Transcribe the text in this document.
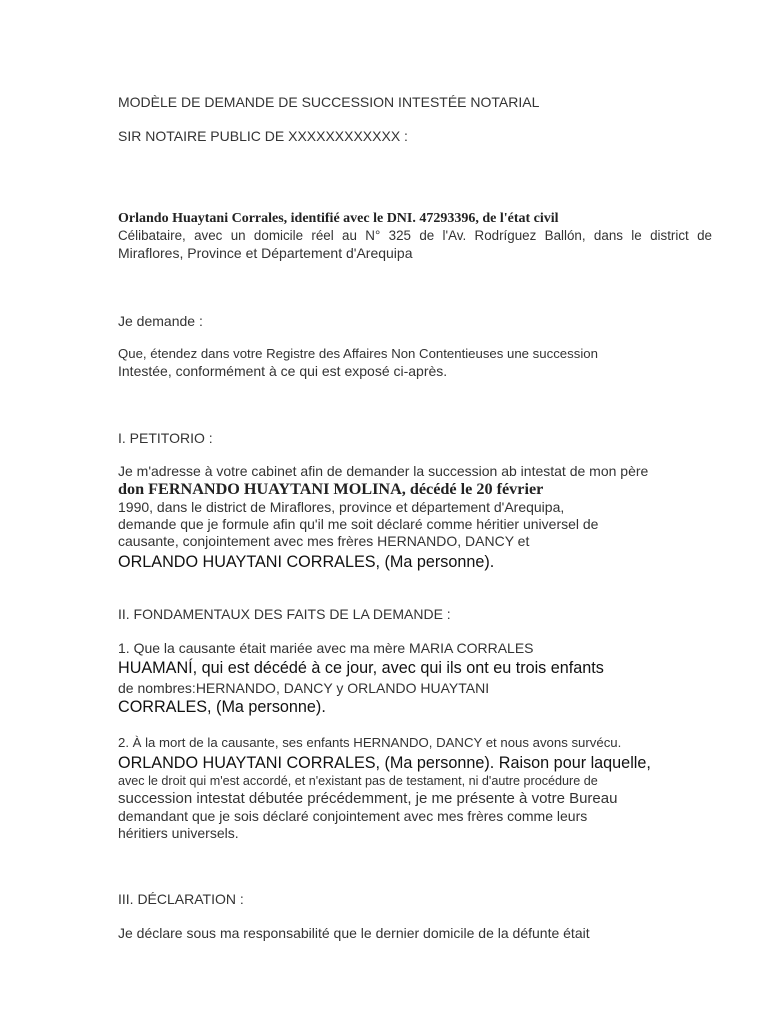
MODÈLE DE DEMANDE DE SUCCESSION INTESTÉE NOTARIAL
SIR NOTAIRE PUBLIC DE XXXXXXXXXXXX :
Orlando Huaytani Corrales, identifié avec le DNI. 47293396, de l'état civil
Célibataire, avec un domicile réel au N° 325 de l'Av. Rodríguez Ballón, dans le district de
Miraflores, Province et Département d'Arequipa
Je demande :
Que, étendez dans votre Registre des Affaires Non Contentieuses une succession
Intestée, conformément à ce qui est exposé ci-après.
I. PETITORIO :
Je m'adresse à votre cabinet afin de demander la succession ab intestat de mon père
don FERNANDO HUAYTANI MOLINA, décédé le 20 février
1990, dans le district de Miraflores, province et département d'Arequipa,
demande que je formule afin qu'il me soit déclaré comme héritier universel de
causante, conjointement avec mes frères HERNANDO, DANCY et
ORLANDO HUAYTANI CORRALES, (Ma personne).
II. FONDAMENTAUX DES FAITS DE LA DEMANDE :
1. Que la causante était mariée avec ma mère MARIA CORRALES
HUAMANÍ, qui est décédé à ce jour, avec qui ils ont eu trois enfants
de nombres:HERNANDO, DANCY y ORLANDO HUAYTANI
CORRALES, (Ma personne).
2. À la mort de la causante, ses enfants HERNANDO, DANCY et nous avons survécu.
ORLANDO HUAYTANI CORRALES, (Ma personne). Raison pour laquelle,
avec le droit qui m'est accordé, et n'existant pas de testament, ni d'autre procédure de
succession intestat débutée précédemment, je me présente à votre Bureau
demandant que je sois déclaré conjointement avec mes frères comme leurs
héritiers universels.
III. DÉCLARATION :
Je déclare sous ma responsabilité que le dernier domicile de la défunte était
